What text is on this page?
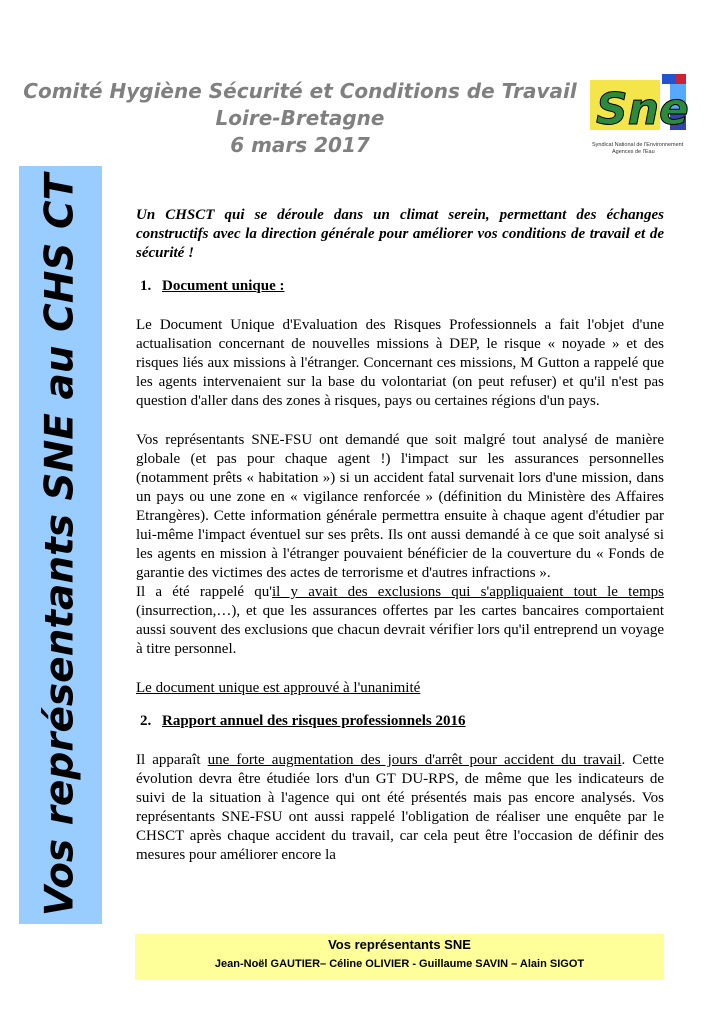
Comité Hygiène Sécurité et Conditions de Travail
Loire-Bretagne
6 mars 2017
Sne
Syndicat National de l'Environnement
Agences de l'Eau
Vos représentants SNE au CHS CT	Un CHSCT qui se déroule dans un climat serein, permettant des échanges constructifs avec la direction générale pour améliorer vos conditions de travail et de sécurité !

1. Document unique :

Le Document Unique d'Evaluation des Risques Professionnels a fait l'objet d'une actualisation concernant de nouvelles missions à DEP, le risque « noyade » et des risques liés aux missions à l'étranger. Concernant ces missions, M Gutton a rappelé que les agents intervenaient sur la base du volontariat (on peut refuser) et qu'il n'est pas question d'aller dans des zones à risques, pays ou certaines régions d'un pays.

Vos représentants SNE-FSU ont demandé que soit malgré tout analysé de manière globale (et pas pour chaque agent !) l'impact sur les assurances personnelles (notamment prêts « habitation ») si un accident fatal survenait lors d'une mission, dans un pays ou une zone en « vigilance renforcée » (définition du Ministère des Affaires Etrangères). Cette information générale permettra ensuite à chaque agent d'étudier par lui-même l'impact éventuel sur ses prêts. Ils ont aussi demandé à ce que soit analysé si les agents en mission à l'étranger pouvaient bénéficier de la couverture du « Fonds de garantie des victimes des actes de terrorisme et d'autres infractions ».

Il a été rappelé qu'il y avait des exclusions qui s'appliquaient tout le temps (insurrection,…), et que les assurances offertes par les cartes bancaires comportaient aussi souvent des exclusions que chacun devrait vérifier lors qu'il entreprend un voyage à titre personnel.

Le document unique est approuvé à l'unanimité

2. Rapport annuel des risques professionnels 2016

Il apparaît une forte augmentation des jours d'arrêt pour accident du travail. Cette évolution devra être étudiée lors d'un GT DU-RPS, de même que les indicateurs de suivi de la situation à l'agence qui ont été présentés mais pas encore analysés. Vos représentants SNE-FSU ont aussi rappelé l'obligation de réaliser une enquête par le CHSCT après chaque accident du travail, car cela peut être l'occasion de définir des mesures pour améliorer encore la

Vos représentants SNE
Jean-Noël GAUTIER– Céline OLIVIER - Guillaume SAVIN – Alain SIGOT
